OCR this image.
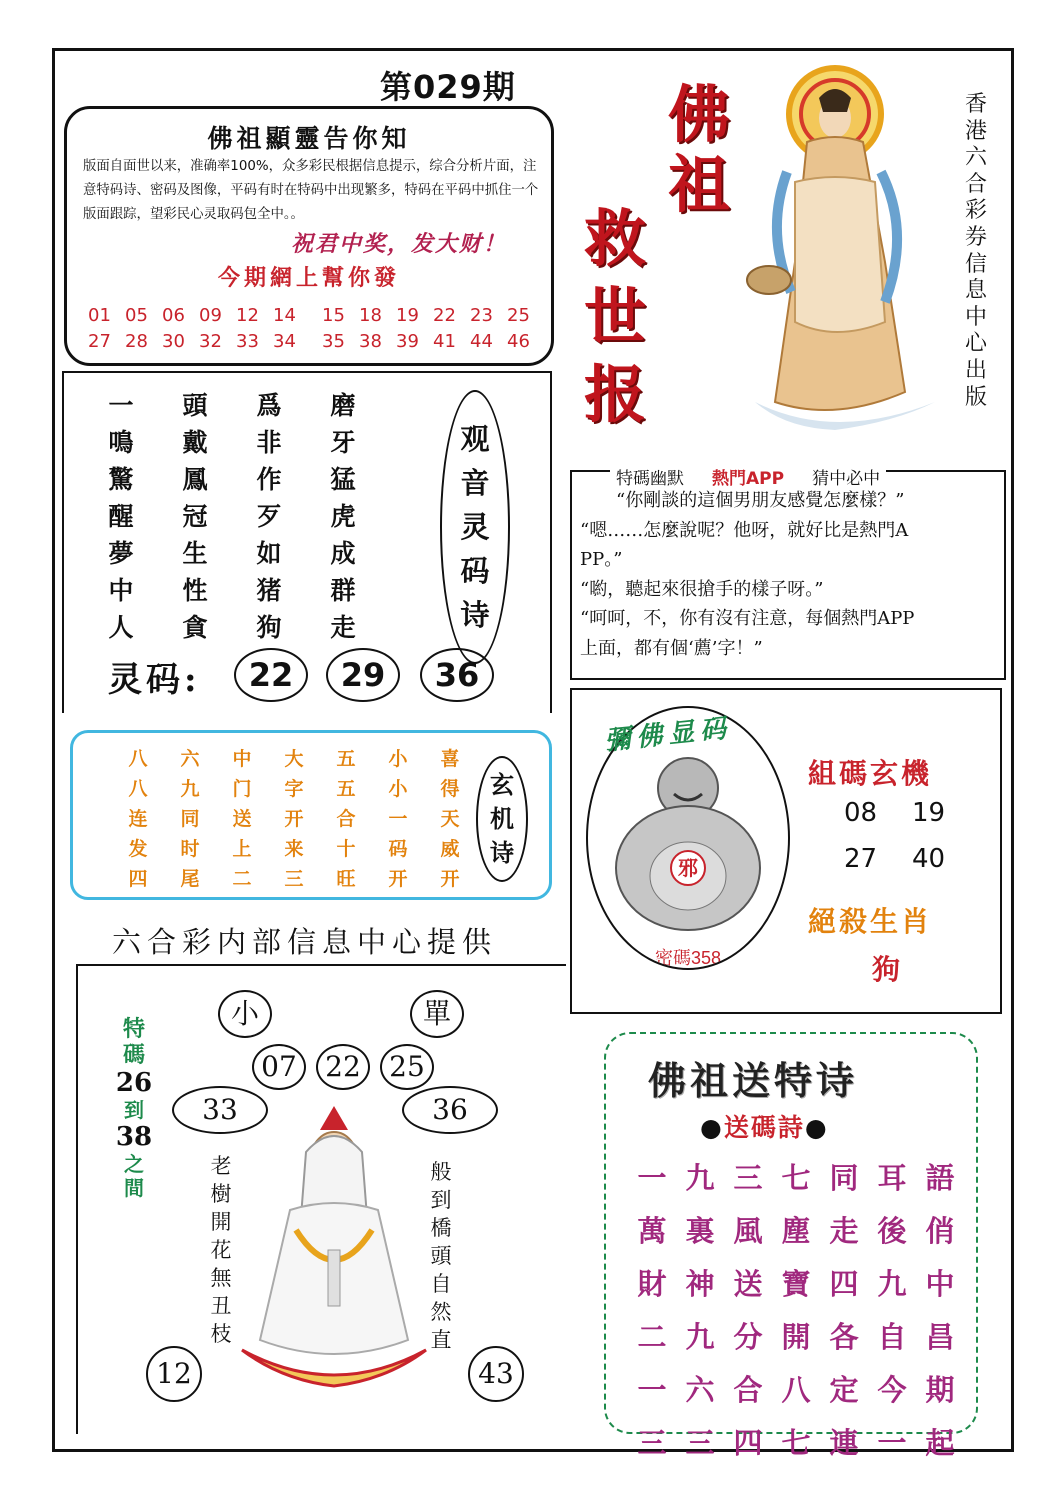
第029期
佛祖顯靈告你知
版面自面世以来，准确率100%，众多彩民根据信息提示，综合分析片面，注意特码诗、密码及图像，平码有时在特码中出现繁多，特码在平码中抓住一个版面跟踪，望彩民心灵取码包全中。。
祝君中奖，发大财！
今期網上幫你發
01 05 06 09 12 14	15 18 19 22 23 25
27 28 30 32 33 34	35 38 39 41 44 46
一	頭	爲	磨
鳴	戴	非	牙
驚	鳳	作	猛
醒	冠	歹	虎
夢	生	如	成
中	性	猪	群
人	貪	狗	走
观
音
灵
码
诗
灵码:	22	29	36
八	六	中	大	五	小	喜
八	九	门	字	五	小	得
连	同	送	开	合	一	天
发	时	上	来	十	码	威
四	尾	二	三	旺	开	开
玄
机
诗
六合彩内部信息中心提供
佛
祖
救
世
报
香
港
六
合
彩
券
信
息
中
心
出
版
特碼幽默 熱門APP 猜中必中
　　“你剛談的這個男朋友感覺怎麼樣？”
“嗯……怎麼說呢？他呀，就好比是熱門A
PP。”
“喲，聽起來很搶手的樣子呀。”
“呵呵，不，你有沒有注意，每個熱門APP
上面，都有個‘薦’字！”
邪
密碼358
彌佛显码
組碼玄機
08 19
27 40
絕殺生肖
狗
佛祖送特诗
●送碼詩●
一 九 三 七 同 耳 語
萬 裏 風 塵 走 後 俏
財 神 送 寶 四 九 中
二 九 分 開 各 自 昌
一 六 合 八 定 今 期
三 三 四 七 連 一 起
小	單
07	22	25
33	36
特
碼
26
到
38
之
間
老
樹
開
花
無
丑
枝
般
到
橋
頭
自
然
直
12	43
